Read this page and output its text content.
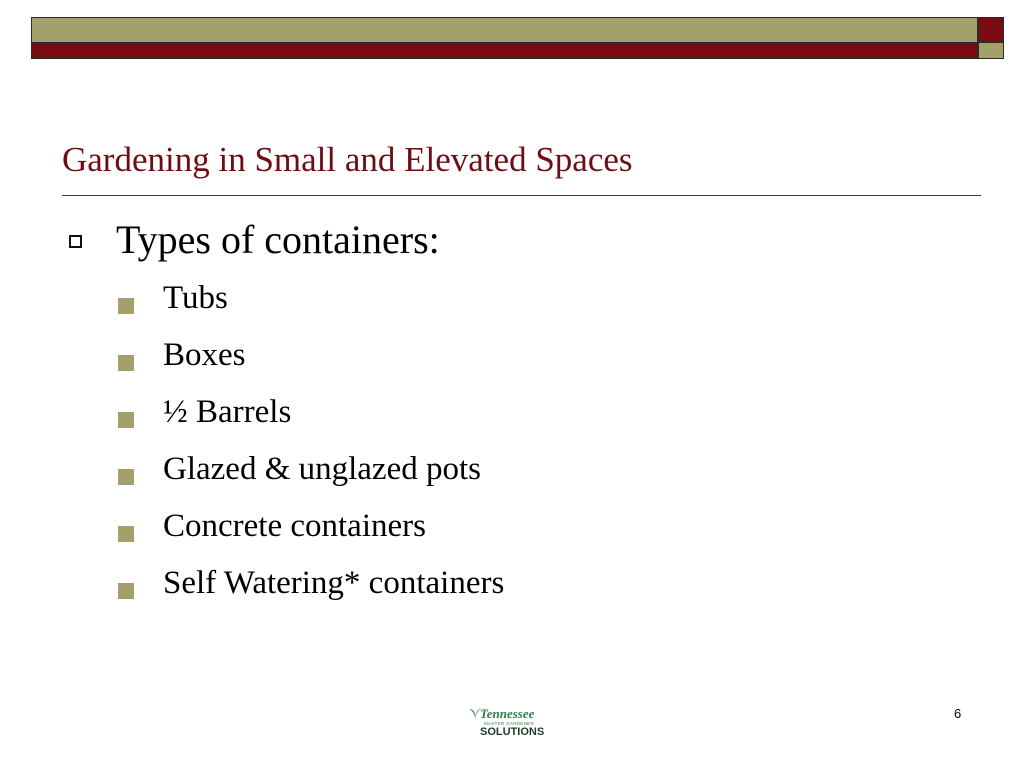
Gardening in Small and Elevated Spaces
Types of containers:
Tubs
Boxes
½ Barrels
Glazed & unglazed pots
Concrete containers
Self Watering* containers
Tennessee
MASTER GARDENER
SOLUTIONS
6
